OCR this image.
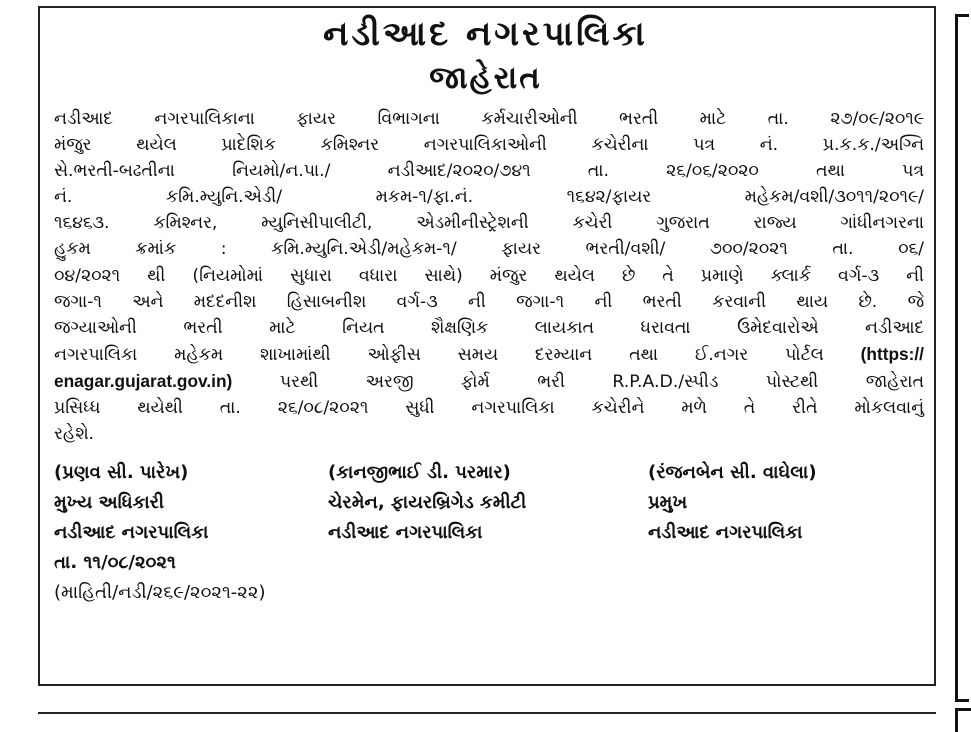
નડીઆદ નગરપાલિકા
જાહેરાત
નડીઆદ નગરપાલિકાના ફાયર વિભાગના કર્મચારીઓની ભરતી માટે તા. ૨૭/૦૯/૨૦૧૯
મંજુર થયેલ પ્રાદેશિક કમિશ્નર નગરપાલિકાઓની કચેરીના પત્ર નં. પ્ર.ક.ક./અગ્નિ
સે.ભરતી-બઢતીના નિયમો/ન.પા./ નડીઆદ/૨૦૨૦/૭૪૧ તા. ૨૬/૦૬/૨૦૨૦ તથા પત્ર
નં. કમિ.મ્યુનિ.એડી/ મકમ-૧/ફા.નં. ૧૬૪૨/ફાયર મહેકમ/વશી/૩૦૧૧/૨૦૧૯/
૧૬૪૬૩. કમિશ્નર, મ્યુનિસીપાલીટી, એડમીનીસ્ટ્રેશની કચેરી ગુજરાત રાજ્ય ગાંધીનગરના
હુકમ ક્રમાંક : કમિ.મ્યુનિ.એડી/મહેકમ-૧/ ફાયર ભરતી/વશી/ ૭૦૦/૨૦૨૧ તા. ૦૬/
૦૪/૨૦૨૧ થી (નિયમોમાં સુધારા વધારા સાથે) મંજુર થયેલ છે તે પ્રમાણે ક્લાર્ક વર્ગ-૩ ની
જગા-૧ અને મદદનીશ હિસાબનીશ વર્ગ-૩ ની જગા-૧ ની ભરતી કરવાની થાય છે. જે
જગ્યાઓની ભરતી માટે નિયત શૈક્ષણિક લાયકાત ધરાવતા ઉમેદવારોએ નડીઆદ
નગરપાલિકા મહેકમ શાખામાંથી ઓફીસ સમય દરમ્યાન તથા ઈ.નગર પોર્ટલ (https://
enagar.gujarat.gov.in)	પરથી અરજી ફોર્મ ભરી R.P.A.D./સ્પીડ પોસ્ટથી જાહેરાત
પ્રસિધ્ધ થયેથી તા. ૨૬/૦૮/૨૦૨૧ સુધી નગરપાલિકા કચેરીને મળે તે રીતે મોકલવાનું
રહેશે.
(પ્રણવ સી. પારેખ)	(કાનજીભાઈ ડી. પરમાર)	(રંજનબેન સી. વાઘેલા)
મુખ્ય અધિકારી	ચેરમેન, ફાયરબ્રિગેડ કમીટી	પ્રમુખ
નડીઆદ નગરપાલિકા	નડીઆદ નગરપાલિકા	નડીઆદ નગરપાલિકા
તા. ૧૧/૦૮/૨૦૨૧
(માહિતી/નડી/૨૬૯/૨૦૨૧-૨૨)
